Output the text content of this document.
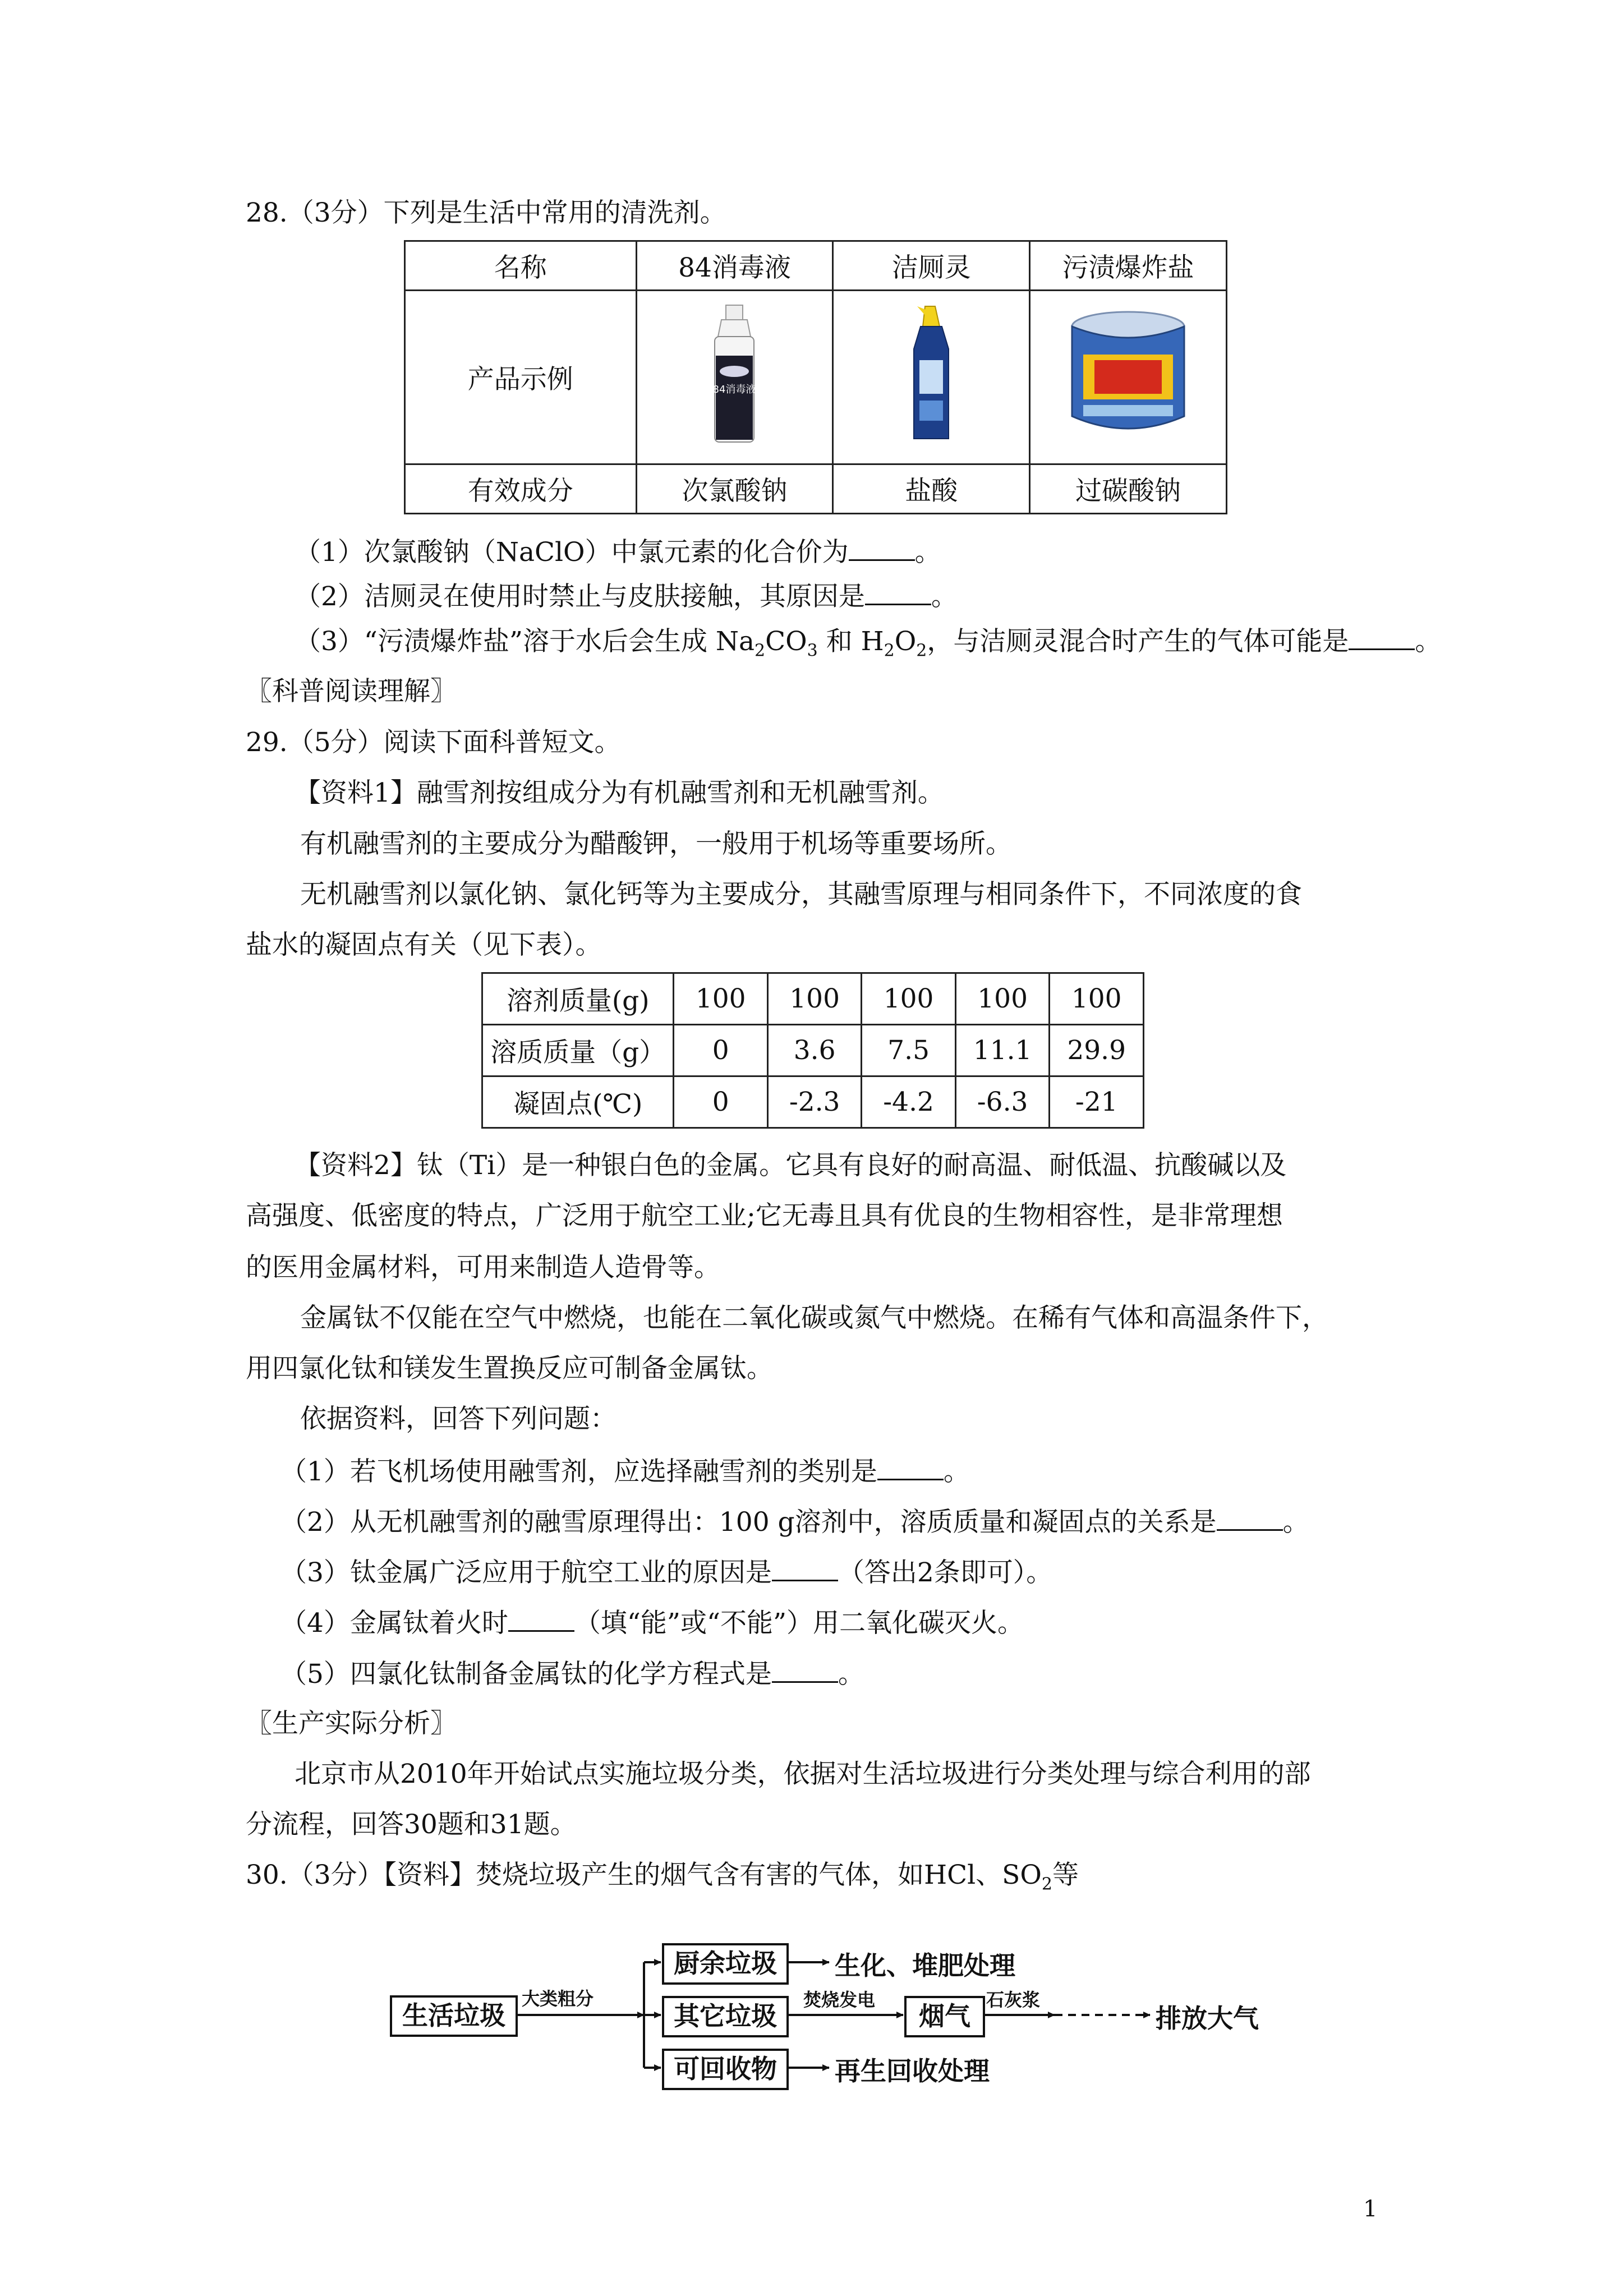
28.（3分）下列是生活中常用的清洗剂。
名称	84消毒液	洁厕灵	污渍爆炸盐
产品示例	84消毒液

有效成分	次氯酸钠	盐酸	过碳酸钠
（1）次氯酸钠（NaClO）中氯元素的化合价为	。
（2）洁厕灵在使用时禁止与皮肤接触，其原因是	。
（3）“污渍爆炸盐”溶于水后会生成 $Na_2CO_3$ 和 $H_2O_2$，与洁厕灵混合时产生的气体可能是	。
〖科普阅读理解〗
29.（5分）阅读下面科普短文。
【资料1】融雪剂按组成分为有机融雪剂和无机融雪剂。
有机融雪剂的主要成分为醋酸钾，一般用于机场等重要场所。
无机融雪剂以氯化钠、氯化钙等为主要成分，其融雪原理与相同条件下，不同浓度的食
盐水的凝固点有关（见下表）。
溶剂质量(g)	100	100	100	100	100
溶质质量（g）	0	3.6	7.5	11.1	29.9
凝固点(℃)	0	-2.3	-4.2	-6.3	-21
【资料2】钛（Ti）是一种银白色的金属。它具有良好的耐高温、耐低温、抗酸碱以及
高强度、低密度的特点，广泛用于航空工业;它无毒且具有优良的生物相容性，是非常理想
的医用金属材料，可用来制造人造骨等。
金属钛不仅能在空气中燃烧，也能在二氧化碳或氮气中燃烧。在稀有气体和高温条件下，
用四氯化钛和镁发生置换反应可制备金属钛。
依据资料，回答下列问题：
（1）若飞机场使用融雪剂，应选择融雪剂的类别是	。
（2）从无机融雪剂的融雪原理得出：100 g溶剂中，溶质质量和凝固点的关系是	。
（3）钛金属广泛应用于航空工业的原因是	（答出2条即可）。
（4）金属钛着火时	（填“能”或“不能”）用二氧化碳灭火。
（5）四氯化钛制备金属钛的化学方程式是	。
〖生产实际分析〗
北京市从2010年开始试点实施垃圾分类，依据对生活垃圾进行分类处理与综合利用的部
分流程，回答30题和31题。
30.（3分）【资料】焚烧垃圾产生的烟气含有害的气体，如HCl、$SO_2$等
生活垃圾
大类粗分
厨余垃圾	生化、堆肥处理
其它垃圾
焚烧发电
烟气
石灰浆
排放大气
可回收物	再生回收处理
1
